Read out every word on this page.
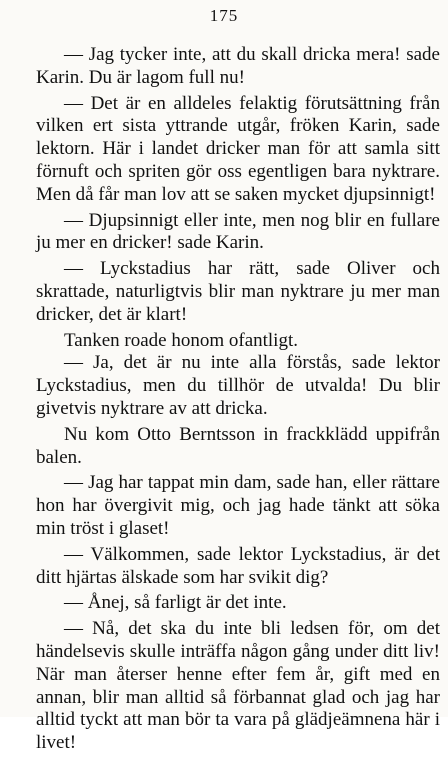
175

— Jag tycker inte, att du skall dricka mera! sade Karin. Du är lagom full nu!

— Det är en alldeles felaktig förutsättning från vilken ert sista yttrande utgår, fröken Karin, sade lektorn. Här i landet dricker man för att samla sitt förnuft och spriten gör oss egentligen bara nyktrare. Men då får man lov att se saken mycket djupsinnigt!

— Djupsinnigt eller inte, men nog blir en fullare ju mer en dricker! sade Karin.

— Lyckstadius har rätt, sade Oliver och skrattade, naturligtvis blir man nyktrare ju mer man dricker, det är klart!

Tanken roade honom ofantligt.

— Ja, det är nu inte alla förstås, sade lektor Lyckstadius, men du tillhör de utvalda! Du blir givetvis nyktrare av att dricka.

Nu kom Otto Berntsson in frackklädd uppifrån balen.

— Jag har tappat min dam, sade han, eller rättare hon har övergivit mig, och jag hade tänkt att söka min tröst i glaset!

— Välkommen, sade lektor Lyckstadius, är det ditt hjärtas älskade som har svikit dig?

— Ånej, så farligt är det inte.

— Nå, det ska du inte bli ledsen för, om det händelsevis skulle inträffa någon gång under ditt liv! När man återser henne efter fem år, gift med en annan, blir man alltid så förbannat glad och jag har alltid tyckt att man bör ta vara på glädjeämnena här i livet!
